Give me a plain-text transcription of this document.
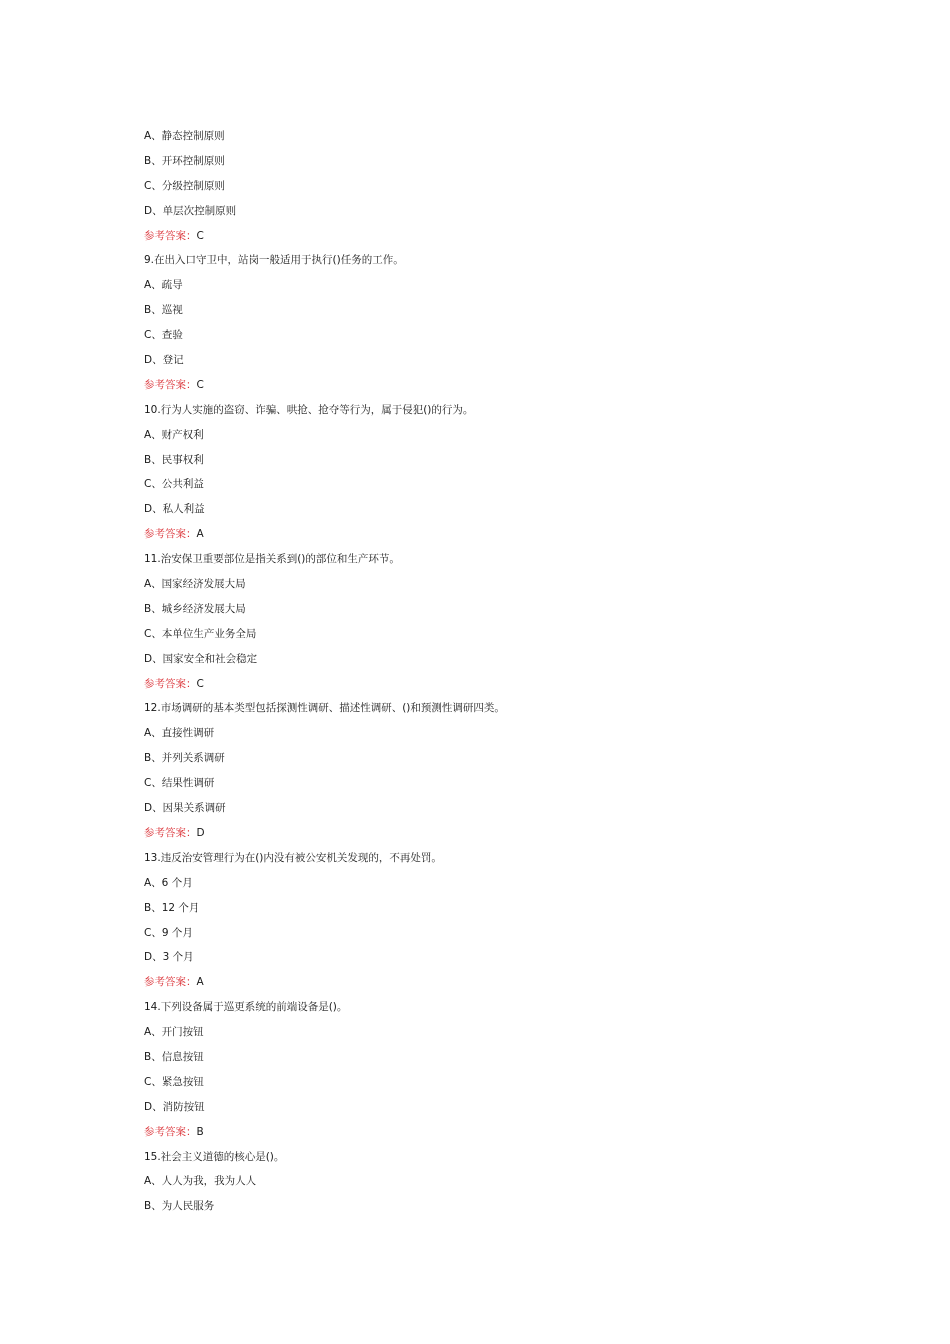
A、静态控制原则
B、开环控制原则
C、分级控制原则
D、单层次控制原则
参考答案：C
9.在出入口守卫中，站岗一般适用于执行()任务的工作。
A、疏导
B、巡视
C、查验
D、登记
参考答案：C
10.行为人实施的盗窃、诈骗、哄抢、抢夺等行为，属于侵犯()的行为。
A、财产权利
B、民事权利
C、公共利益
D、私人利益
参考答案：A
11.治安保卫重要部位是指关系到()的部位和生产环节。
A、国家经济发展大局
B、城乡经济发展大局
C、本单位生产业务全局
D、国家安全和社会稳定
参考答案：C
12.市场调研的基本类型包括探测性调研、描述性调研、()和预测性调研四类。
A、直接性调研
B、并列关系调研
C、结果性调研
D、因果关系调研
参考答案：D
13.违反治安管理行为在()内没有被公安机关发现的，不再处罚。
A、6 个月
B、12 个月
C、9 个月
D、3 个月
参考答案：A
14.下列设备属于巡更系统的前端设备是()。
A、开门按钮
B、信息按钮
C、紧急按钮
D、消防按钮
参考答案：B
15.社会主义道德的核心是()。
A、人人为我，我为人人
B、为人民服务
